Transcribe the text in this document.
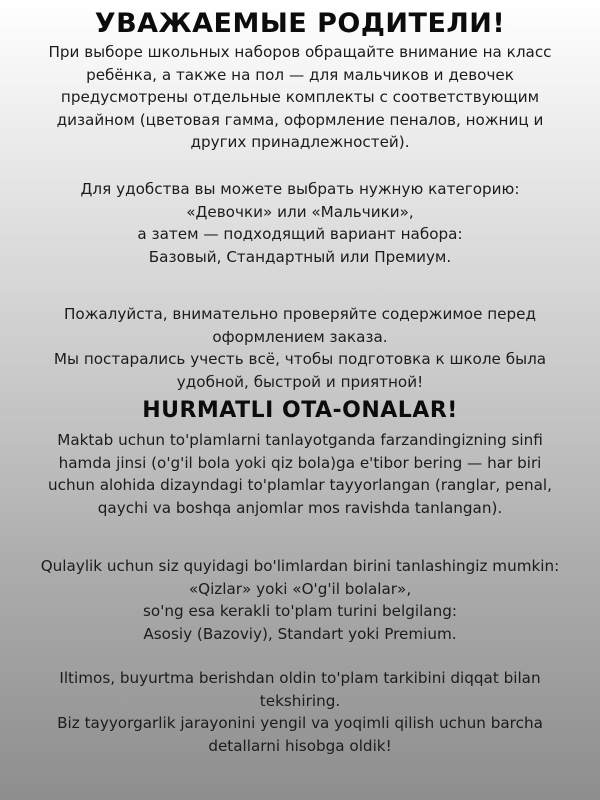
УВАЖАЕМЫЕ РОДИТЕЛИ!

При выборе школьных наборов обращайте внимание на класс
ребёнка, а также на пол — для мальчиков и девочек
предусмотрены отдельные комплекты с соответствующим
дизайном (цветовая гамма, оформление пеналов, ножниц и
других принадлежностей).

Для удобства вы можете выбрать нужную категорию:
«Девочки» или «Мальчики»,
а затем — подходящий вариант набора:
Базовый, Стандартный или Премиум.

Пожалуйста, внимательно проверяйте содержимое перед
оформлением заказа.
Мы постарались учесть всё, чтобы подготовка к школе была
удобной, быстрой и приятной!

HURMATLI OTA-ONALAR!

Maktab uchun to'plamlarni tanlayotganda farzandingizning sinfi
hamda jinsi (o'g'il bola yoki qiz bola)ga e'tibor bering — har biri
uchun alohida dizayndagi to'plamlar tayyorlangan (ranglar, penal,
qaychi va boshqa anjomlar mos ravishda tanlangan).

Qulaylik uchun siz quyidagi bo'limlardan birini tanlashingiz mumkin:
«Qizlar» yoki «O'g'il bolalar»,
so'ng esa kerakli to'plam turini belgilang:
Asosiy (Bazoviy), Standart yoki Premium.

Iltimos, buyurtma berishdan oldin to'plam tarkibini diqqat bilan
tekshiring.
Biz tayyorgarlik jarayonini yengil va yoqimli qilish uchun barcha
detallarni hisobga oldik!
